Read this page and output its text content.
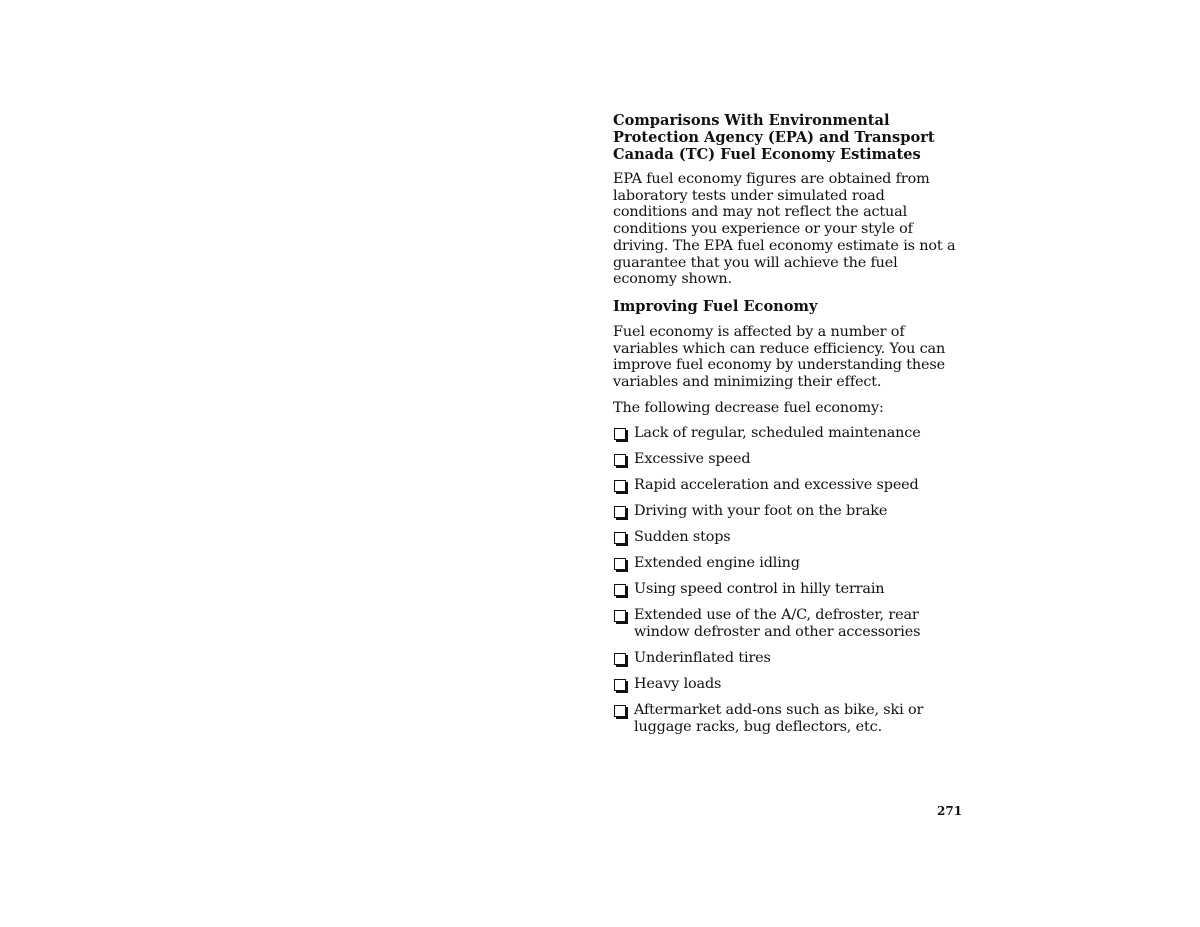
Comparisons With Environmental
Protection Agency (EPA) and Transport
Canada (TC) Fuel Economy Estimates

EPA fuel economy figures are obtained from laboratory tests under simulated road conditions and may not reflect the actual conditions you experience or your style of driving. The EPA fuel economy estimate is not a guarantee that you will achieve the fuel economy shown.

Improving Fuel Economy

Fuel economy is affected by a number of variables which can reduce efficiency. You can improve fuel economy by understanding these variables and minimizing their effect.

The following decrease fuel economy:

Lack of regular, scheduled maintenance
Excessive speed
Rapid acceleration and excessive speed
Driving with your foot on the brake
Sudden stops
Extended engine idling
Using speed control in hilly terrain
Extended use of the A/C, defroster, rear window defroster and other accessories
Underinflated tires
Heavy loads
Aftermarket add-ons such as bike, ski or luggage racks, bug deflectors, etc.
271
